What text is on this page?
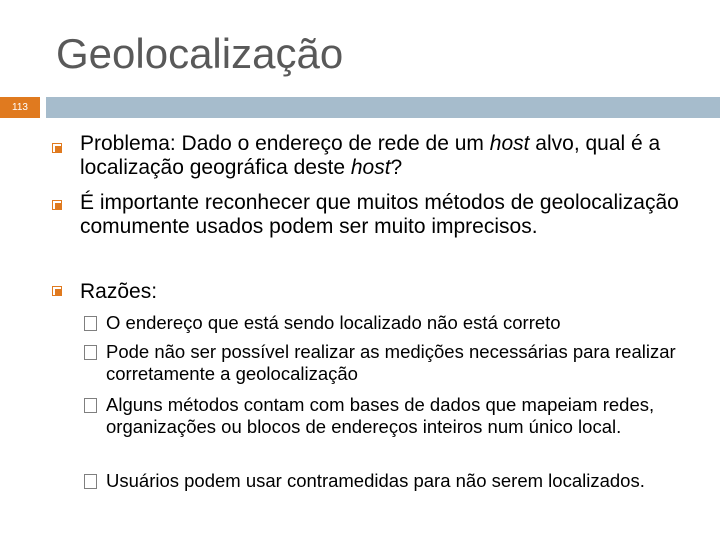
Geolocalização
113
Problema: Dado o endereço de rede de um host alvo, qual é a localização geográfica deste host?
É importante reconhecer que muitos métodos de geolocalização comumente usados podem ser muito imprecisos.
Razões:
O endereço que está sendo localizado não está correto
Pode não ser possível realizar as medições necessárias para realizar corretamente a geolocalização
Alguns métodos contam com bases de dados que mapeiam redes, organizações ou blocos de endereços inteiros num único local.
Usuários podem usar contramedidas para não serem localizados.
